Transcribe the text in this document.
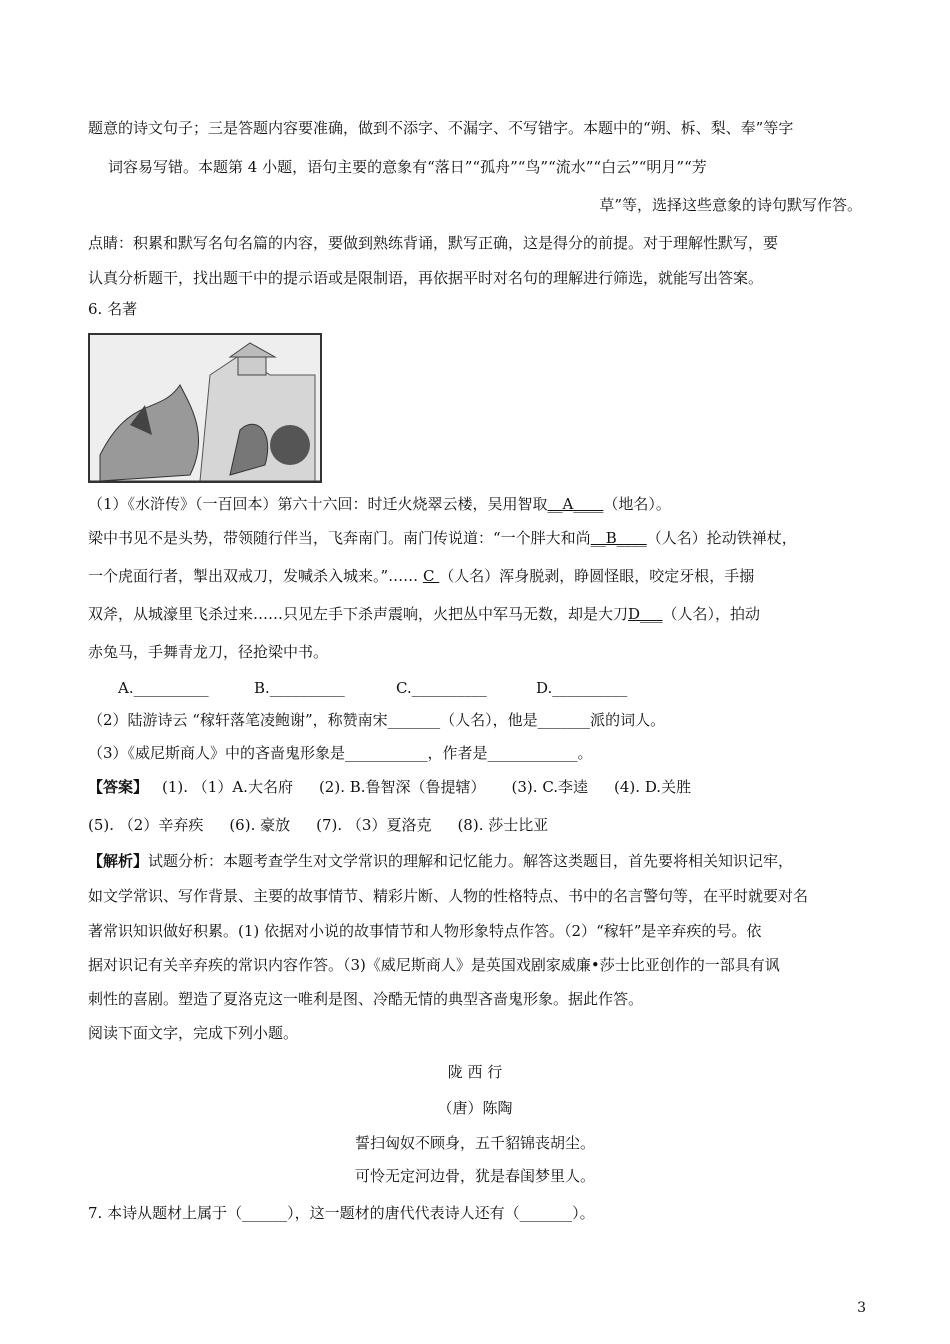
题意的诗文句子；三是答题内容要准确，做到不添字、不漏字、不写错字。本题中的“朔、柝、梨、奉”等字
词容易写错。本题第 4 小题，语句主要的意象有“落日”“孤舟”“鸟”“流水”“白云”“明月”“芳
草”等，选择这些意象的诗句默写作答。
点睛：积累和默写名句名篇的内容，要做到熟练背诵，默写正确，这是得分的前提。对于理解性默写，要
认真分析题干，找出题干中的提示语或是限制语，再依据平时对名句的理解进行筛选，就能写出答案。
6. 名著
（1）《水浒传》（一百回本）第六十六回：时迁火烧翠云楼，吴用智取__A____（地名）。
梁中书见不是头势，带领随行伴当，飞奔南门。南门传说道：“一个胖大和尚__B____（人名）抡动铁禅杖，
一个虎面行者，掣出双戒刀，发喊杀入城来。”…… C （人名）浑身脱剥，睁圆怪眼，咬定牙根，手搦
双斧，从城濠里飞杀过来……只见左手下杀声震响，火把丛中军马无数，却是大刀D___（人名），拍动
赤兔马，手舞青龙刀，径抢梁中书。
A.__________	B.__________	C.__________	D.__________
（2）陆游诗云 “稼轩落笔凌鲍谢”，称赞南宋_______（人名），他是_______派的词人。
（3）《威尼斯商人》中的吝啬鬼形象是___________，作者是____________。
【答案】 (1). （1）A.大名府 (2). B.鲁智深（鲁提辖） (3). C.李逵 (4). D.关胜
(5). （2）辛弃疾 (6). 豪放 (7). （3）夏洛克 (8). 莎士比亚
【解析】试题分析：本题考查学生对文学常识的理解和记忆能力。解答这类题目，首先要将相关知识记牢，
如文学常识、写作背景、主要的故事情节、精彩片断、人物的性格特点、书中的名言警句等，在平时就要对名
著常识知识做好积累。(1) 依据对小说的故事情节和人物形象特点作答。（2）“稼轩”是辛弃疾的号。依
据对识记有关辛弃疾的常识内容作答。（3)《威尼斯商人》是英国戏剧家威廉•莎士比亚创作的一部具有讽
刺性的喜剧。塑造了夏洛克这一唯利是图、冷酷无情的典型吝啬鬼形象。据此作答。
阅读下面文字，完成下列小题。
陇 西 行
（唐）陈陶
誓扫匈奴不顾身，五千貂锦丧胡尘。
可怜无定河边骨，犹是春闺梦里人。
7. 本诗从题材上属于（______），这一题材的唐代代表诗人还有（_______）。
3
